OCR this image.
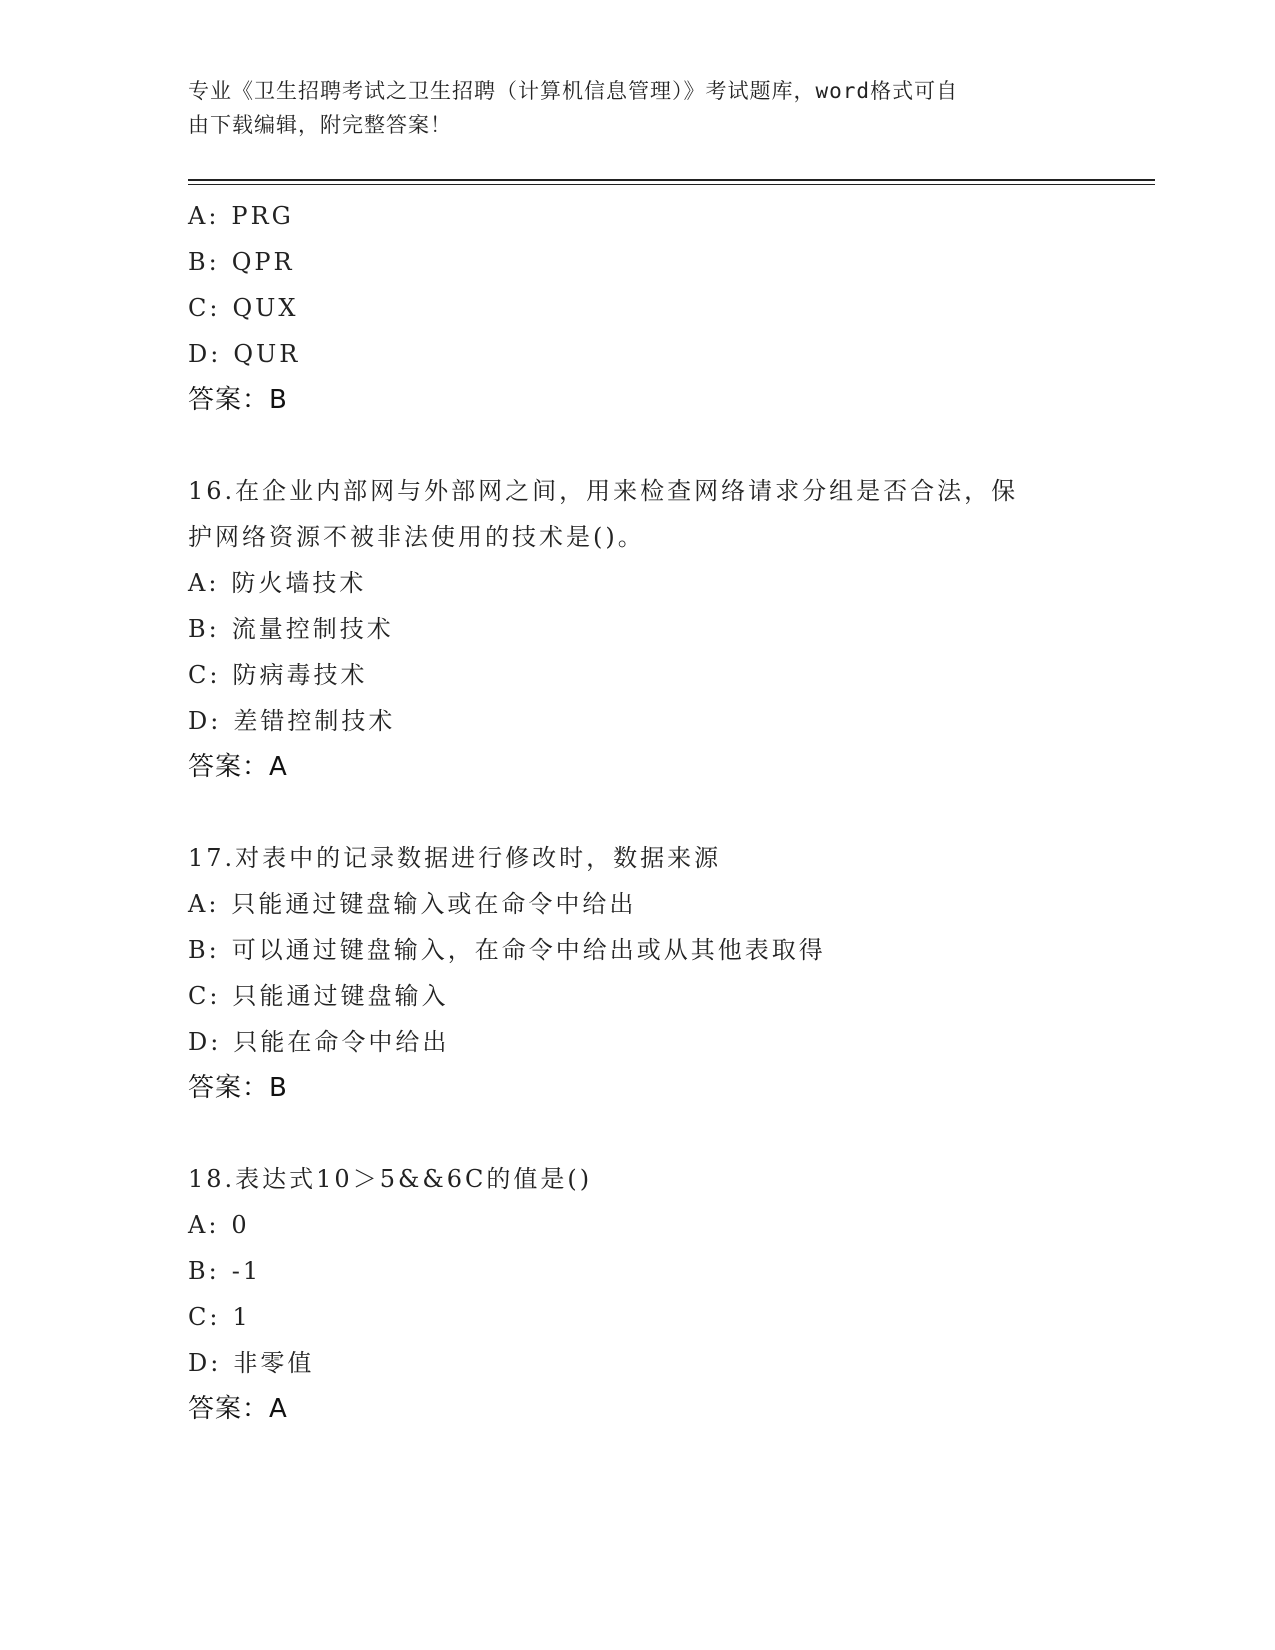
专业《卫生招聘考试之卫生招聘（计算机信息管理）》考试题库，word格式可自
由下载编辑，附完整答案！
A: PRG
B: QPR
C: QUX
D: QUR
答案：B
16.在企业内部网与外部网之间，用来检查网络请求分组是否合法，保
护网络资源不被非法使用的技术是()。
A: 防火墙技术
B: 流量控制技术
C: 防病毒技术
D: 差错控制技术
答案：A
17.对表中的记录数据进行修改时，数据来源
A: 只能通过键盘输入或在命令中给出
B: 可以通过键盘输入，在命令中给出或从其他表取得
C: 只能通过键盘输入
D: 只能在命令中给出
答案：B
18.表达式10＞5&&6C的值是()
A: 0
B: -1
C: 1
D: 非零值
答案：A
